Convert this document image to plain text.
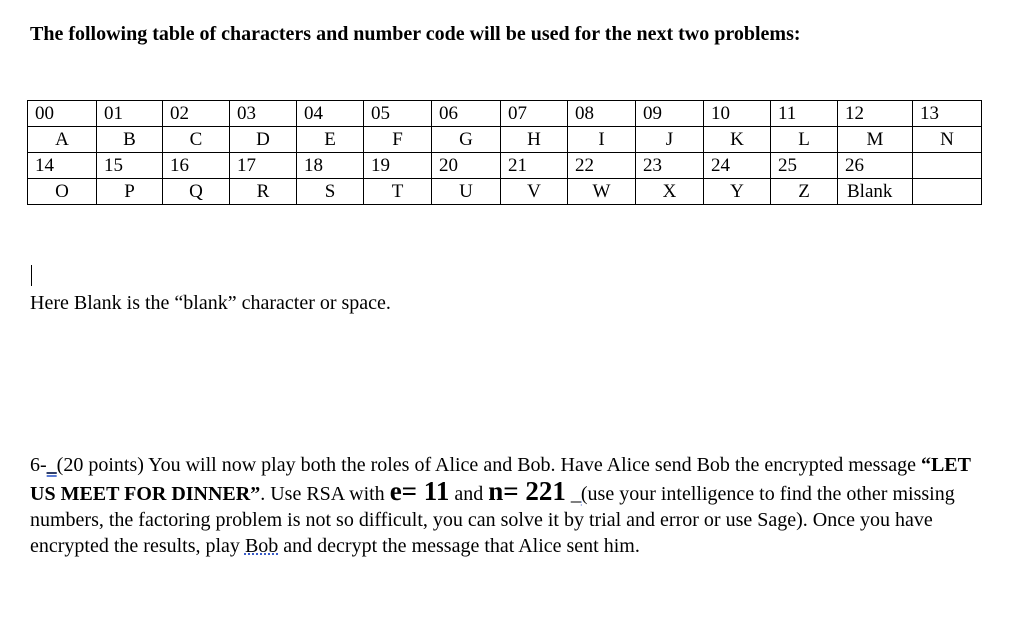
The following table of characters and number code will be used for the next two problems:
00	01	02	03	04	05	06	07	08	09	10	11	12	13
A	B	C	D	E	F	G	H	I	J	K	L	M	N
14	15	16	17	18	19	20	21	22	23	24	25	26	
O	P	Q	R	S	T	U	V	W	X	Y	Z	Blank	
Here Blank is the “blank” character or space.
6-_(20 points) You will now play both the roles of Alice and Bob. Have Alice send Bob the encrypted message “LET US MEET FOR DINNER”. Use RSA with e= 11 and n= 221 _(use your intelligence to find the other missing numbers, the factoring problem is not so difficult, you can solve it by trial and error or use Sage). Once you have encrypted the results, play Bob and decrypt the message that Alice sent him.
